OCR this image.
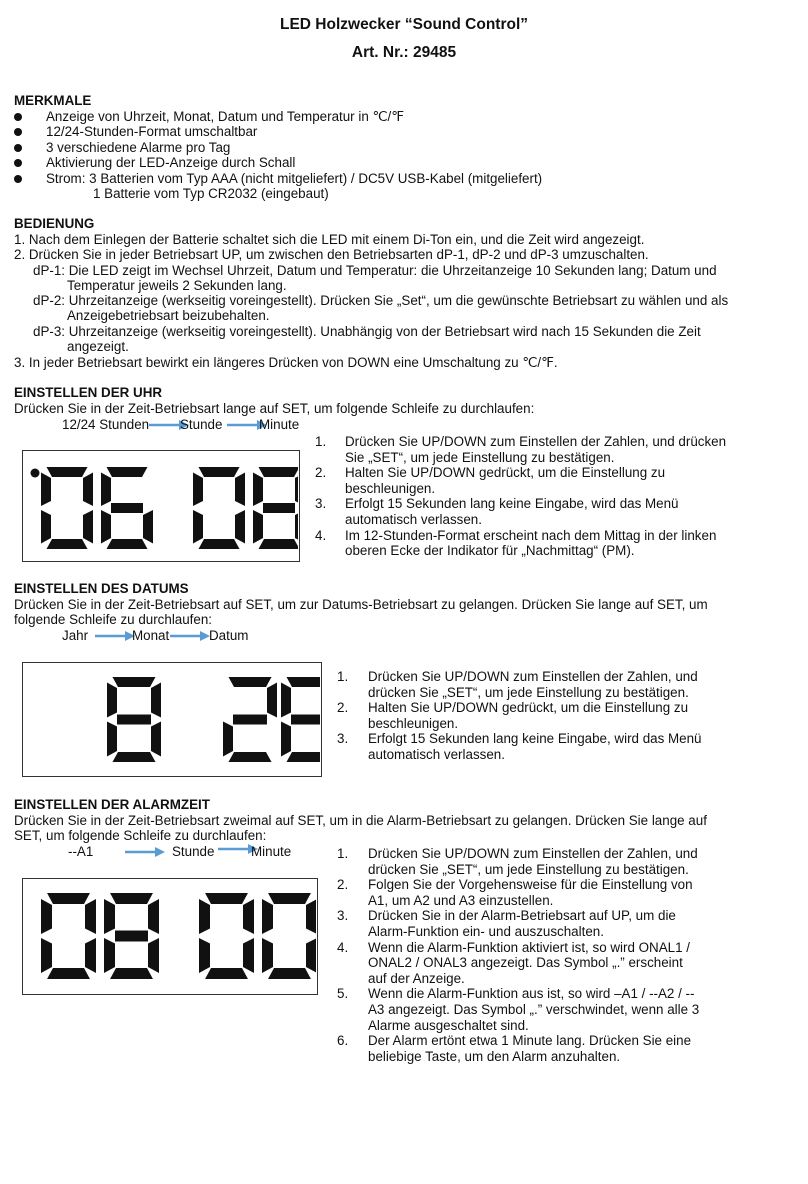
LED Holzwecker “Sound Control”
Art. Nr.: 29485
MERKMALE
Anzeige von Uhrzeit, Monat, Datum und Temperatur in ℃/℉
12/24-Stunden-Format umschaltbar
3 verschiedene Alarme pro Tag
Aktivierung der LED-Anzeige durch Schall
Strom: 3 Batterien vom Typ AAA (nicht mitgeliefert) / DC5V USB-Kabel (mitgeliefert)
1 Batterie vom Typ CR2032 (eingebaut)
BEDIENUNG
1. Nach dem Einlegen der Batterie schaltet sich die LED mit einem Di-Ton ein, und die Zeit wird angezeigt.
2. Drücken Sie in jeder Betriebsart UP, um zwischen den Betriebsarten dP-1, dP-2 und dP-3 umzuschalten.
dP-1: Die LED zeigt im Wechsel Uhrzeit, Datum und Temperatur: die Uhrzeitanzeige 10 Sekunden lang; Datum und
Temperatur jeweils 2 Sekunden lang.
dP-2: Uhrzeitanzeige (werkseitig voreingestellt). Drücken Sie „Set“, um die gewünschte Betriebsart zu wählen und als
Anzeigebetriebsart beizubehalten.
dP-3: Uhrzeitanzeige (werkseitig voreingestellt). Unabhängig von der Betriebsart wird nach 15 Sekunden die Zeit
angezeigt.
3. In jeder Betriebsart bewirkt ein längeres Drücken von DOWN eine Umschaltung zu ℃/℉.
EINSTELLEN DER UHR
Drücken Sie in der Zeit-Betriebsart lange auf SET, um folgende Schleife zu durchlaufen:
12/24 Stunden Stunde	Minute
1. Drücken Sie UP/DOWN zum Einstellen der Zahlen, und drücken
Sie „SET“, um jede Einstellung zu bestätigen.
2. Halten Sie UP/DOWN gedrückt, um die Einstellung zu
beschleunigen.
3. Erfolgt 15 Sekunden lang keine Eingabe, wird das Menü
automatisch verlassen.
4. Im 12-Stunden-Format erscheint nach dem Mittag in der linken
oberen Ecke der Indikator für „Nachmittag“ (PM).
EINSTELLEN DES DATUMS
Drücken Sie in der Zeit-Betriebsart auf SET, um zur Datums-Betriebsart zu gelangen. Drücken Sie lange auf SET, um
folgende Schleife zu durchlaufen:
Jahr	Monat	Datum
1. Drücken Sie UP/DOWN zum Einstellen der Zahlen, und
drücken Sie „SET“, um jede Einstellung zu bestätigen.
2. Halten Sie UP/DOWN gedrückt, um die Einstellung zu
beschleunigen.
3. Erfolgt 15 Sekunden lang keine Eingabe, wird das Menü
automatisch verlassen.
EINSTELLEN DER ALARMZEIT
Drücken Sie in der Zeit-Betriebsart zweimal auf SET, um in die Alarm-Betriebsart zu gelangen. Drücken Sie lange auf
SET, um folgende Schleife zu durchlaufen:
--A1	Stunde	Minute	1. Drücken Sie UP/DOWN zum Einstellen der Zahlen, und
drücken Sie „SET“, um jede Einstellung zu bestätigen.
2. Folgen Sie der Vorgehensweise für die Einstellung von
A1, um A2 und A3 einzustellen.
3. Drücken Sie in der Alarm-Betriebsart auf UP, um die
Alarm-Funktion ein- und auszuschalten.
4. Wenn die Alarm-Funktion aktiviert ist, so wird ONAL1 /
ONAL2 / ONAL3 angezeigt. Das Symbol „.” erscheint
auf der Anzeige.
5. Wenn die Alarm-Funktion aus ist, so wird –A1 / --A2 / --
A3 angezeigt. Das Symbol „.” verschwindet, wenn alle 3
Alarme ausgeschaltet sind.
6. Der Alarm ertönt etwa 1 Minute lang. Drücken Sie eine
beliebige Taste, um den Alarm anzuhalten.
